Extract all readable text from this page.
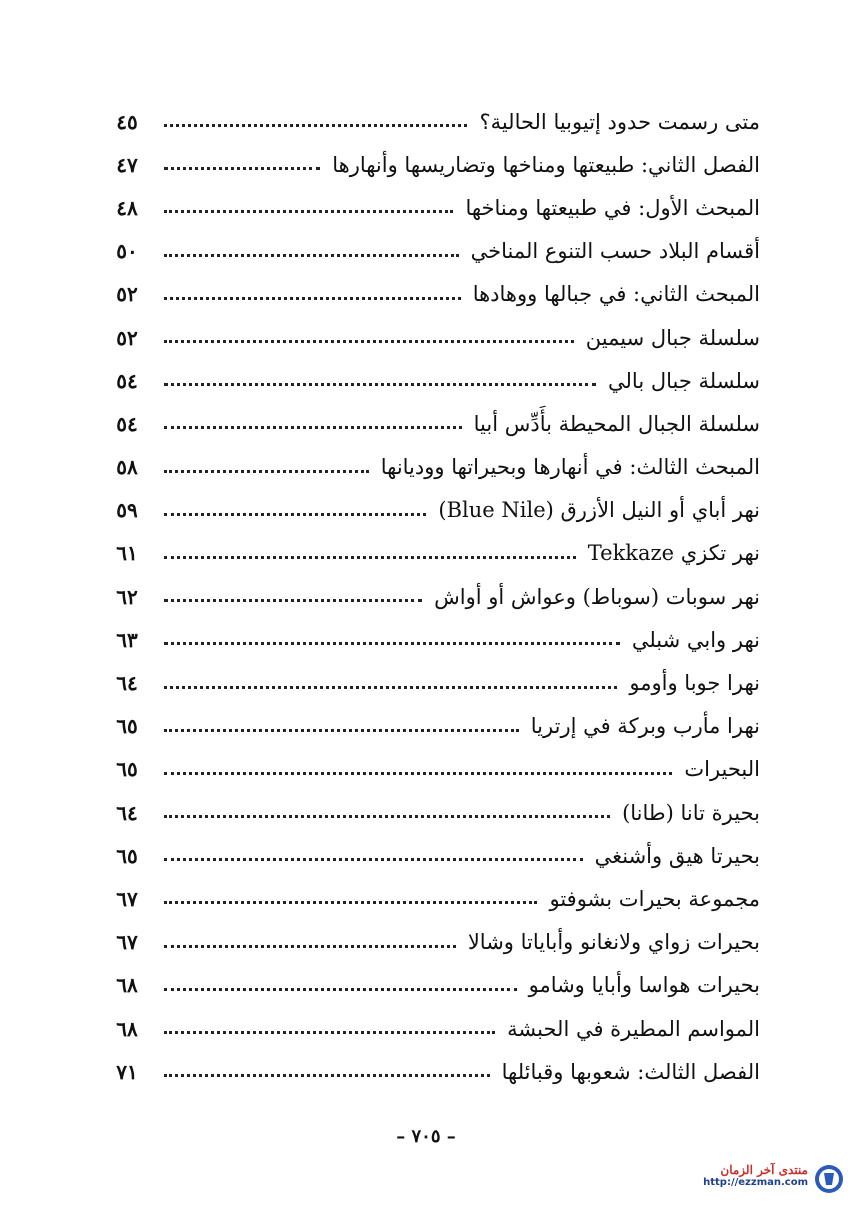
متى رسمت حدود إتيوبيا الحالية؟
٤٥
الفصل الثاني: طبيعتها ومناخها وتضاريسها وأنهارها
٤٧
المبحث الأول: في طبيعتها ومناخها
٤٨
أقسام البلاد حسب التنوع المناخي
٥٠
المبحث الثاني: في جبالها ووهادها
٥٢
سلسلة جبال سيمين
٥٢
سلسلة جبال بالي
٥٤
سلسلة الجبال المحيطة بأَدِّس أبيا
٥٤
المبحث الثالث: في أنهارها وبحيراتها ووديانها
٥٨
نهر أباي أو النيل الأزرق (Blue Nile)
٥٩
نهر تكزي Tekkaze
٦١
نهر سوبات (سوباط) وعواش أو أواش
٦٢
نهر وابي شبلي
٦٣
نهرا جوبا وأومو
٦٤
نهرا مأرب وبركة في إرتريا
٦٥
البحيرات
٦٥
بحيرة تانا (طانا)
٦٤
بحيرتا هيق وأشنغي
٦٥
مجموعة بحيرات بشوفتو
٦٧
بحيرات زواي ولانغانو وأباياتا وشالا
٦٧
بحيرات هواسا وأبايا وشامو
٦٨
المواسم المطيرة في الحبشة
٦٨
الفصل الثالث: شعوبها وقبائلها
٧١
– ٧٠٥ –
منتدى آخر الزمان
http://ezzman.com
